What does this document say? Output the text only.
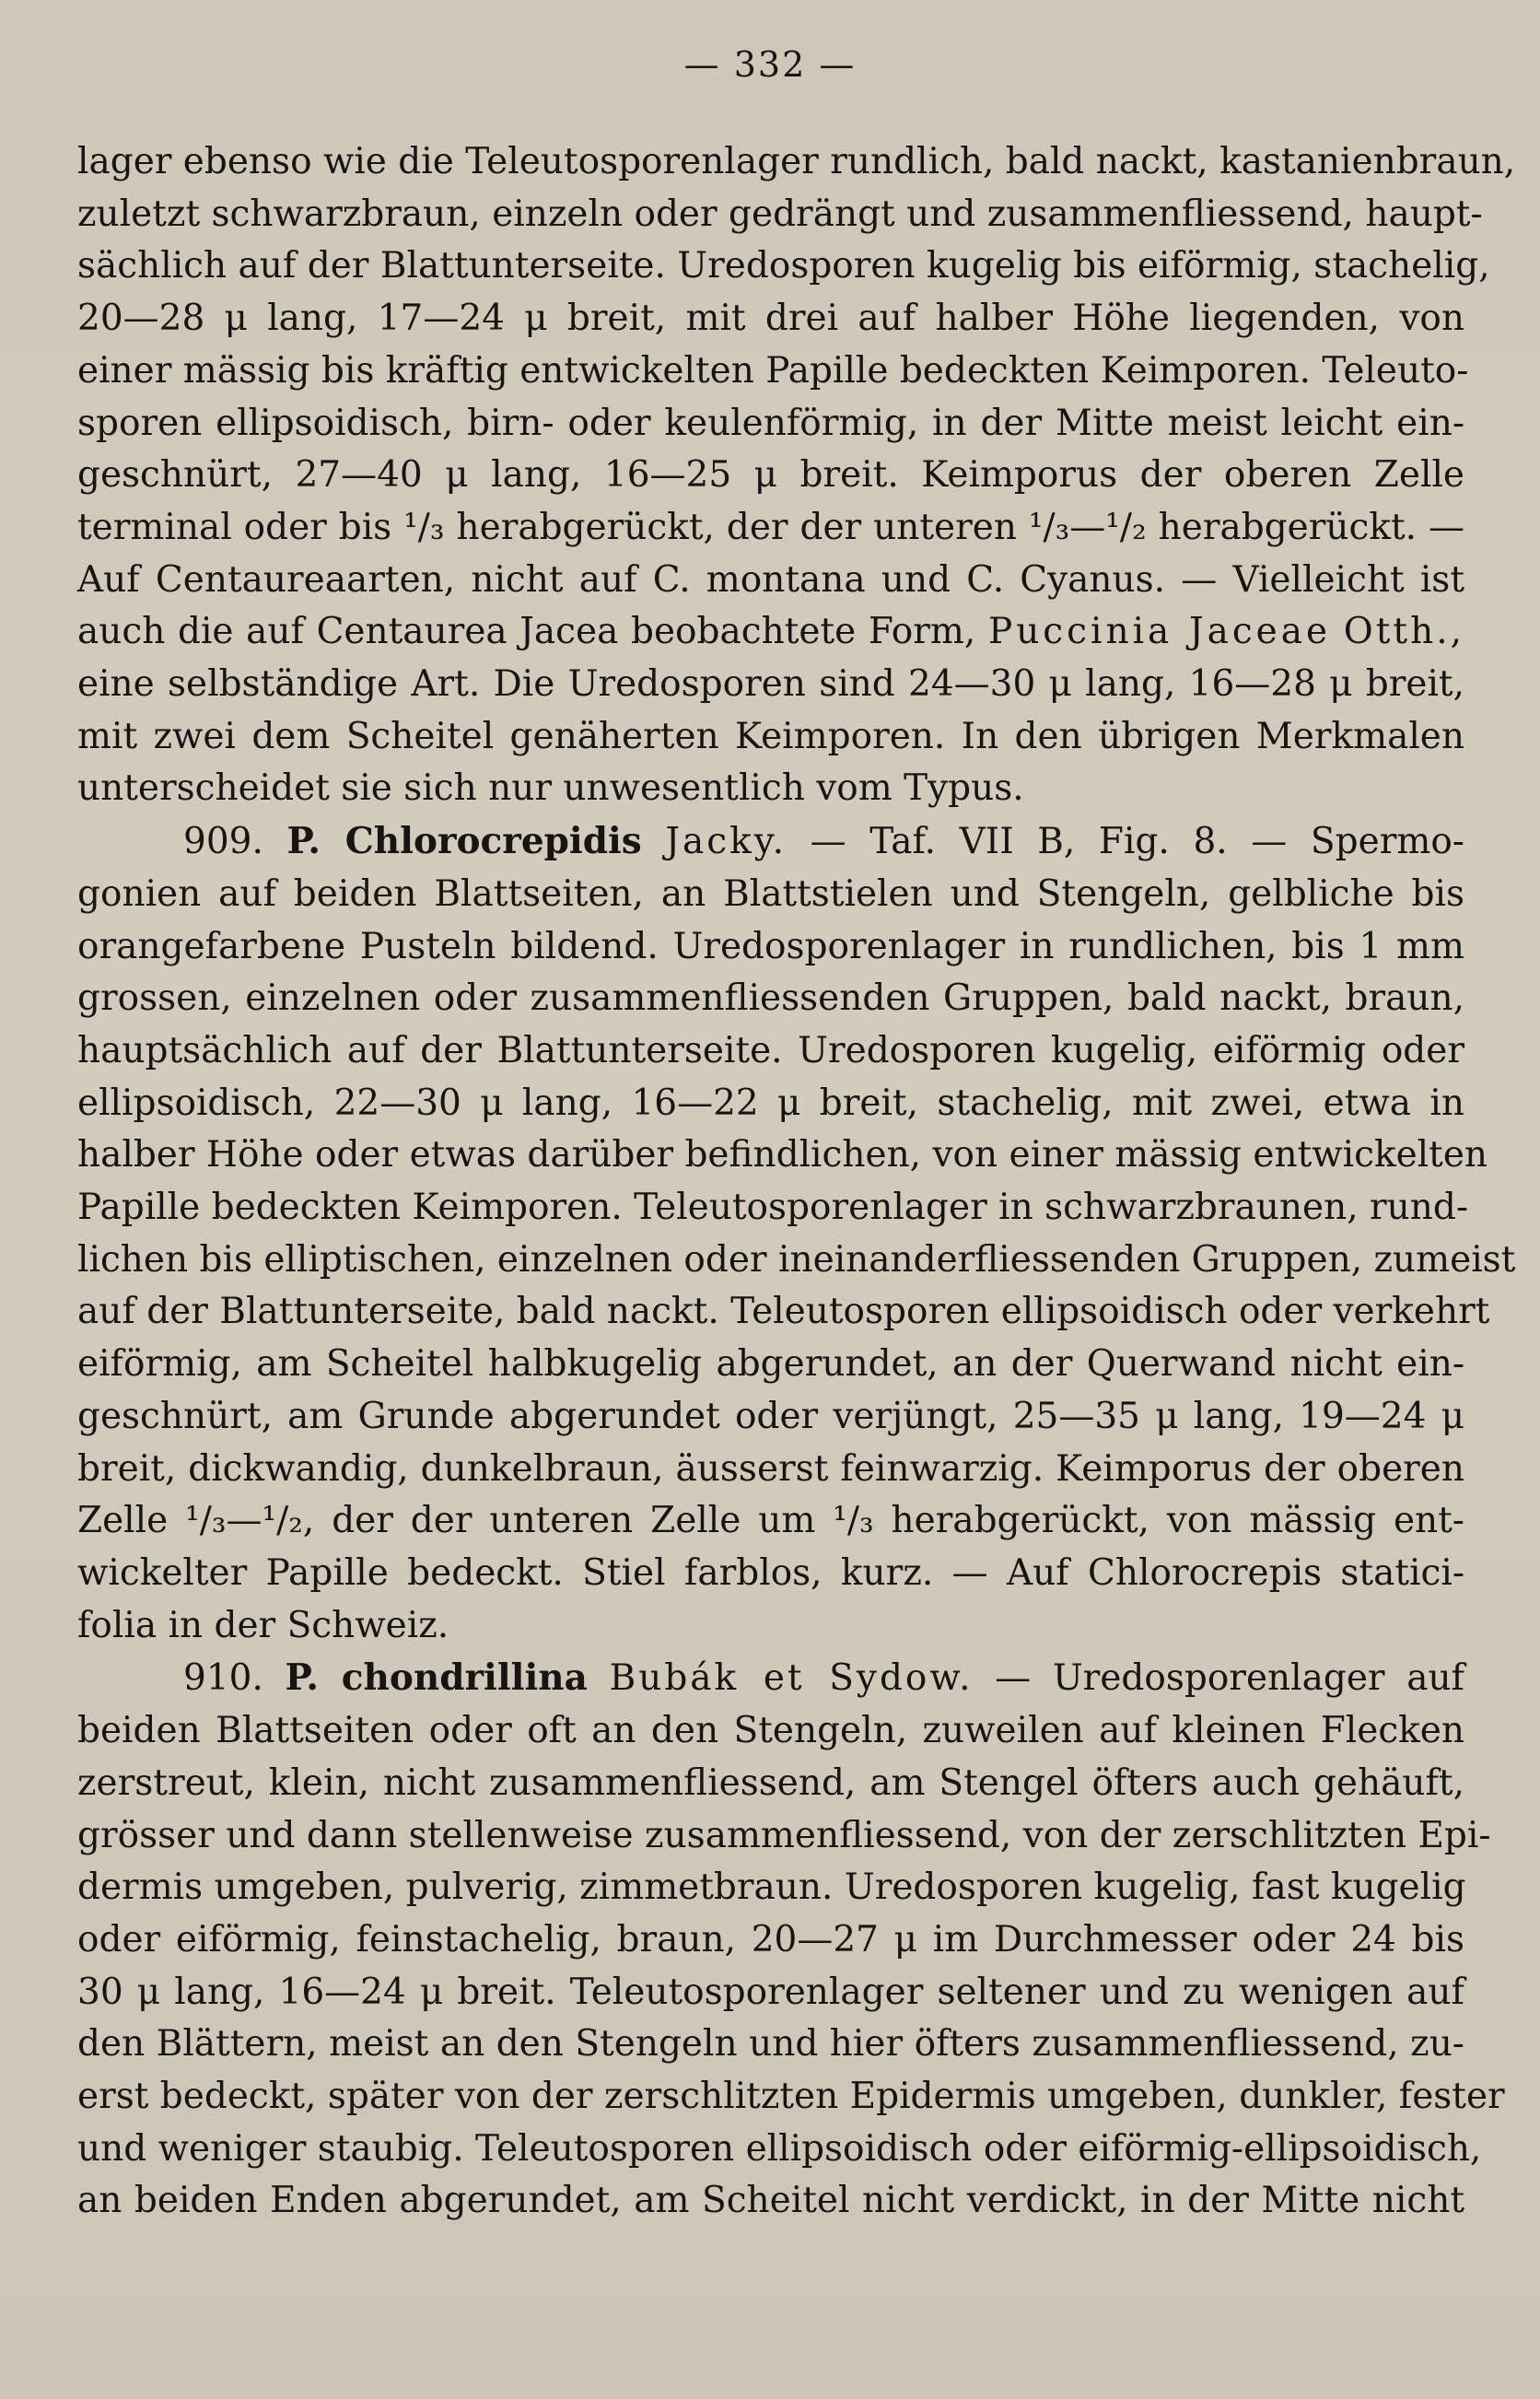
— 332 —
lager ebenso wie die Teleutosporenlager rundlich, bald nackt, kastanienbraun,
zuletzt schwarzbraun, einzeln oder gedrängt und zusammenfliessend, haupt-
sächlich auf der Blattunterseite. Uredosporen kugelig bis eiförmig, stachelig,
20—28 μ lang, 17—24 μ breit, mit drei auf halber Höhe liegenden, von
einer mässig bis kräftig entwickelten Papille bedeckten Keimporen. Teleuto-
sporen ellipsoidisch, birn- oder keulenförmig, in der Mitte meist leicht ein-
geschnürt, 27—40 μ lang, 16—25 μ breit. Keimporus der oberen Zelle
terminal oder bis ¹/₃ herabgerückt, der der unteren ¹/₃—¹/₂ herabgerückt. —
Auf Centaureaarten, nicht auf C. montana und C. Cyanus. — Vielleicht ist
auch die auf Centaurea Jacea beobachtete Form, Puccinia Jaceae Otth.,
eine selbständige Art. Die Uredosporen sind 24—30 μ lang, 16—28 μ breit,
mit zwei dem Scheitel genäherten Keimporen. In den übrigen Merkmalen
unterscheidet sie sich nur unwesentlich vom Typus.
909. P. Chlorocrepidis Jacky. — Taf. VII B, Fig. 8. — Spermo-
gonien auf beiden Blattseiten, an Blattstielen und Stengeln, gelbliche bis
orangefarbene Pusteln bildend. Uredosporenlager in rundlichen, bis 1 mm
grossen, einzelnen oder zusammenfliessenden Gruppen, bald nackt, braun,
hauptsächlich auf der Blattunterseite. Uredosporen kugelig, eiförmig oder
ellipsoidisch, 22—30 μ lang, 16—22 μ breit, stachelig, mit zwei, etwa in
halber Höhe oder etwas darüber befindlichen, von einer mässig entwickelten
Papille bedeckten Keimporen. Teleutosporenlager in schwarzbraunen, rund-
lichen bis elliptischen, einzelnen oder ineinanderfliessenden Gruppen, zumeist
auf der Blattunterseite, bald nackt. Teleutosporen ellipsoidisch oder verkehrt
eiförmig, am Scheitel halbkugelig abgerundet, an der Querwand nicht ein-
geschnürt, am Grunde abgerundet oder verjüngt, 25—35 μ lang, 19—24 μ
breit, dickwandig, dunkelbraun, äusserst feinwarzig. Keimporus der oberen
Zelle ¹/₃—¹/₂, der der unteren Zelle um ¹/₃ herabgerückt, von mässig ent-
wickelter Papille bedeckt. Stiel farblos, kurz. — Auf Chlorocrepis statici-
folia in der Schweiz.
910. P. chondrillina Bubák et Sydow. — Uredosporenlager auf
beiden Blattseiten oder oft an den Stengeln, zuweilen auf kleinen Flecken
zerstreut, klein, nicht zusammenfliessend, am Stengel öfters auch gehäuft,
grösser und dann stellenweise zusammenfliessend, von der zerschlitzten Epi-
dermis umgeben, pulverig, zimmetbraun. Uredosporen kugelig, fast kugelig
oder eiförmig, feinstachelig, braun, 20—27 μ im Durchmesser oder 24 bis
30 μ lang, 16—24 μ breit. Teleutosporenlager seltener und zu wenigen auf
den Blättern, meist an den Stengeln und hier öfters zusammenfliessend, zu-
erst bedeckt, später von der zerschlitzten Epidermis umgeben, dunkler, fester
und weniger staubig. Teleutosporen ellipsoidisch oder eiförmig-ellipsoidisch,
an beiden Enden abgerundet, am Scheitel nicht verdickt, in der Mitte nicht
